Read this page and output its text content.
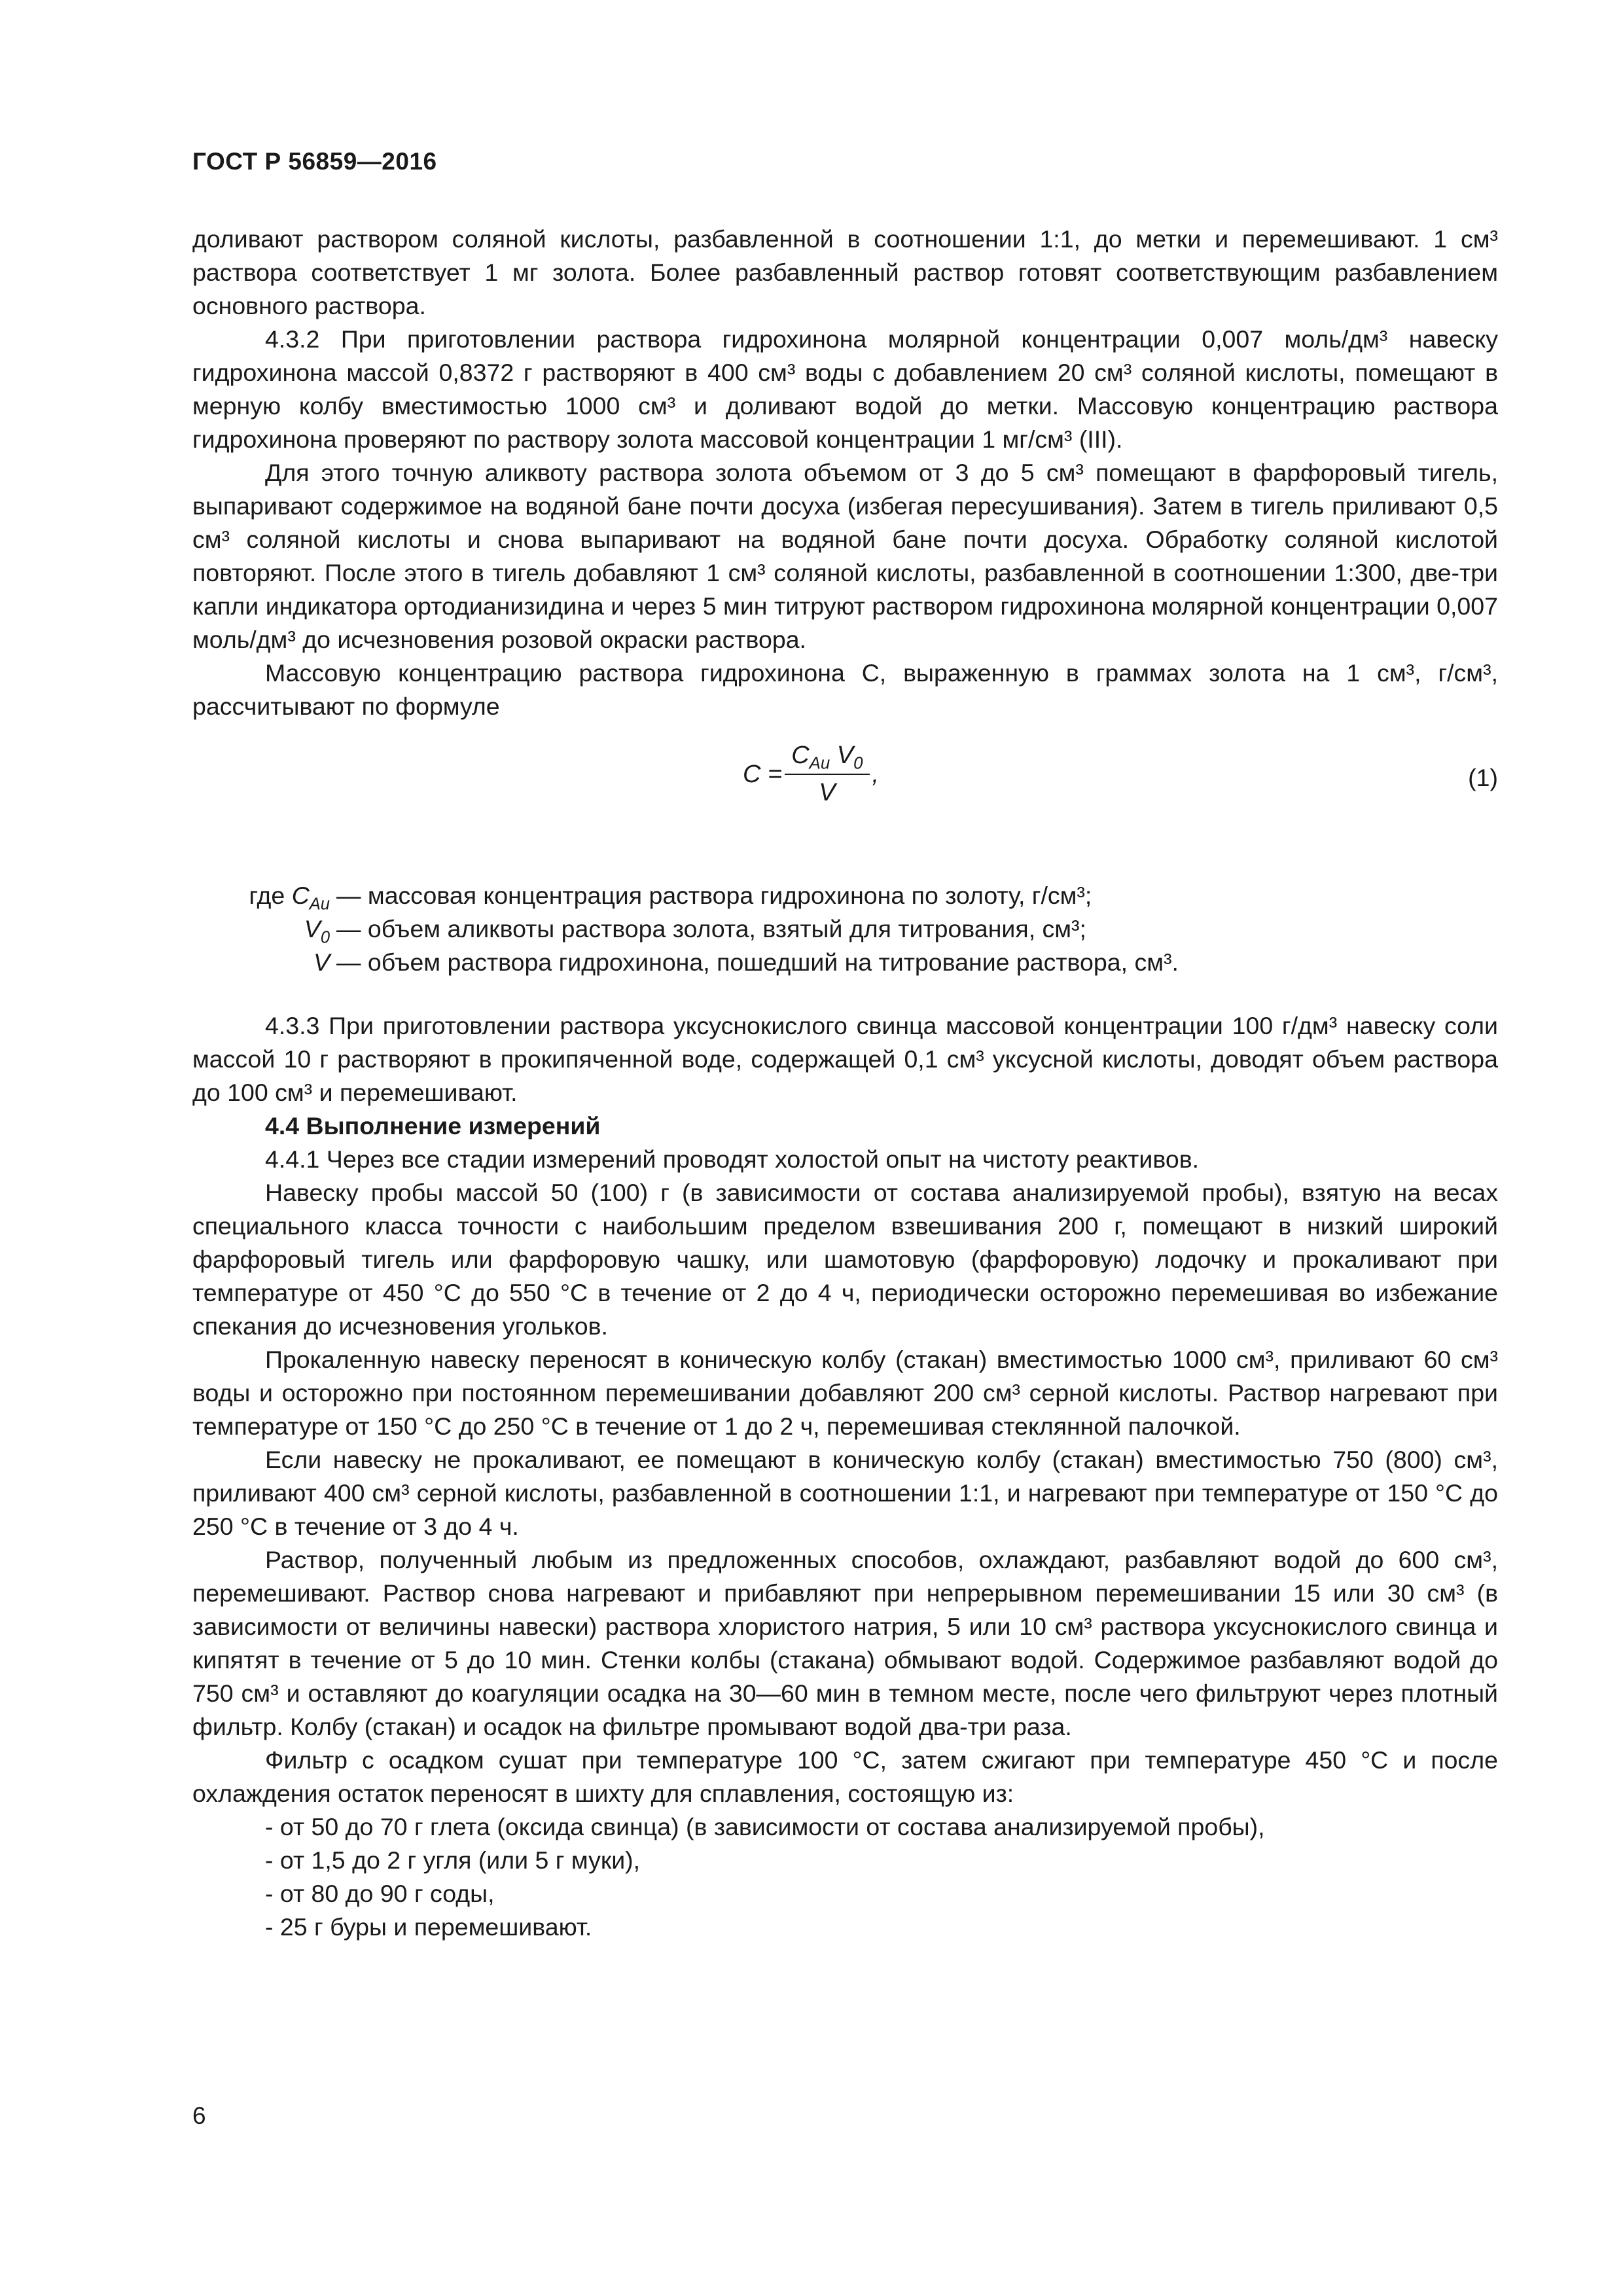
ГОСТ Р 56859—2016

доливают раствором соляной кислоты, разбавленной в соотношении 1:1, до метки и перемешивают. 1 см³ раствора соответствует 1 мг золота. Более разбавленный раствор готовят соответствующим разбавлением основного раствора.

4.3.2 При приготовлении раствора гидрохинона молярной концентрации 0,007 моль/дм³ навеску гидрохинона массой 0,8372 г растворяют в 400 см³ воды с добавлением 20 см³ соляной кислоты, помещают в мерную колбу вместимостью 1000 см³ и доливают водой до метки. Массовую концентрацию раствора гидрохинона проверяют по раствору золота массовой концентрации 1 мг/см³ (III).

Для этого точную аликвоту раствора золота объемом от 3 до 5 см³ помещают в фарфоровый тигель, выпаривают содержимое на водяной бане почти досуха (избегая пересушивания). Затем в тигель приливают 0,5 см³ соляной кислоты и снова выпаривают на водяной бане почти досуха. Обработку соляной кислотой повторяют. После этого в тигель добавляют 1 см³ соляной кислоты, разбавленной в соотношении 1:300, две-три капли индикатора ортодианизидина и через 5 мин титруют раствором гидрохинона молярной концентрации 0,007 моль/дм³ до исчезновения розовой окраски раствора.

Массовую концентрацию раствора гидрохинона C, выраженную в граммах золота на 1 см³, г/см³, рассчитывают по формуле

$C = \frac{C_{Au} V_0}{V}$ ,	(1)
где $C_{Au}$ — массовая концентрация раствора гидрохинона по золоту, г/см³;
$V_0$ — объем аликвоты раствора золота, взятый для титрования, см³;
V — объем раствора гидрохинона, пошедший на титрование раствора, см³.

4.3.3 При приготовлении раствора уксуснокислого свинца массовой концентрации 100 г/дм³ навеску соли массой 10 г растворяют в прокипяченной воде, содержащей 0,1 см³ уксусной кислоты, доводят объем раствора до 100 см³ и перемешивают.

4.4 Выполнение измерений

4.4.1 Через все стадии измерений проводят холостой опыт на чистоту реактивов.

Навеску пробы массой 50 (100) г (в зависимости от состава анализируемой пробы), взятую на весах специального класса точности с наибольшим пределом взвешивания 200 г, помещают в низкий широкий фарфоровый тигель или фарфоровую чашку, или шамотовую (фарфоровую) лодочку и прокаливают при температуре от 450 °C до 550 °C в течение от 2 до 4 ч, периодически осторожно перемешивая во избежание спекания до исчезновения угольков.

Прокаленную навеску переносят в коническую колбу (стакан) вместимостью 1000 см³, приливают 60 см³ воды и осторожно при постоянном перемешивании добавляют 200 см³ серной кислоты. Раствор нагревают при температуре от 150 °C до 250 °C в течение от 1 до 2 ч, перемешивая стеклянной палочкой.

Если навеску не прокаливают, ее помещают в коническую колбу (стакан) вместимостью 750 (800) см³, приливают 400 см³ серной кислоты, разбавленной в соотношении 1:1, и нагревают при температуре от 150 °C до 250 °C в течение от 3 до 4 ч.

Раствор, полученный любым из предложенных способов, охлаждают, разбавляют водой до 600 см³, перемешивают. Раствор снова нагревают и прибавляют при непрерывном перемешивании 15 или 30 см³ (в зависимости от величины навески) раствора хлористого натрия, 5 или 10 см³ раствора уксуснокислого свинца и кипятят в течение от 5 до 10 мин. Стенки колбы (стакана) обмывают водой. Содержимое разбавляют водой до 750 см³ и оставляют до коагуляции осадка на 30—60 мин в темном месте, после чего фильтруют через плотный фильтр. Колбу (стакан) и осадок на фильтре промывают водой два-три раза.

Фильтр с осадком сушат при температуре 100 °C, затем сжигают при температуре 450 °C и после охлаждения остаток переносят в шихту для сплавления, состоящую из:

- от 50 до 70 г глета (оксида свинца) (в зависимости от состава анализируемой пробы),

- от 1,5 до 2 г угля (или 5 г муки),

- от 80 до 90 г соды,

- 25 г буры и перемешивают.

6
